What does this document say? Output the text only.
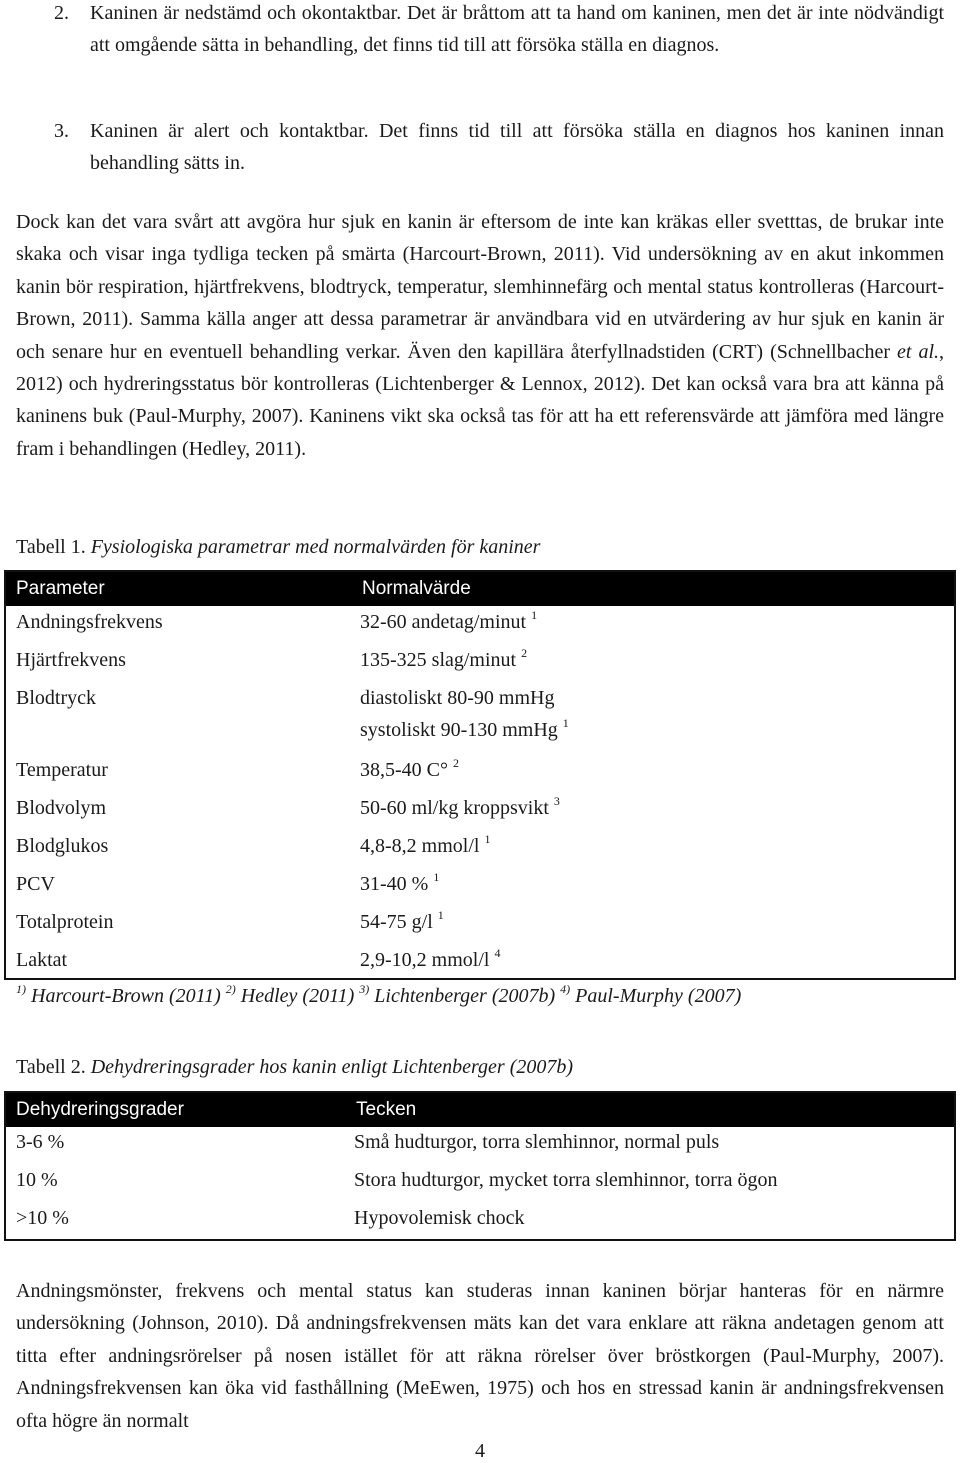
2. Kaninen är nedstämd och okontaktbar. Det är bråttom att ta hand om kaninen, men det är inte nödvändigt att omgående sätta in behandling, det finns tid till att försöka ställa en diagnos.
3. Kaninen är alert och kontaktbar. Det finns tid till att försöka ställa en diagnos hos kaninen innan behandling sätts in.
Dock kan det vara svårt att avgöra hur sjuk en kanin är eftersom de inte kan kräkas eller svetttas, de brukar inte skaka och visar inga tydliga tecken på smärta (Harcourt-Brown, 2011). Vid undersökning av en akut inkommen kanin bör respiration, hjärtfrekvens, blodtryck, temperatur, slemhinnefärg och mental status kontrolleras (Harcourt-Brown, 2011). Samma källa anger att dessa parametrar är användbara vid en utvärdering av hur sjuk en kanin är och senare hur en eventuell behandling verkar. Även den kapillära återfyllnadstiden (CRT) (Schnellbacher et al., 2012) och hydreringsstatus bör kontrolleras (Lichtenberger & Lennox, 2012). Det kan också vara bra att känna på kaninens buk (Paul-Murphy, 2007). Kaninens vikt ska också tas för att ha ett referensvärde att jämföra med längre fram i behandlingen (Hedley, 2011).
Tabell 1. Fysiologiska parametrar med normalvärden för kaniner
Parameter	Normalvärde
Andningsfrekvens	32-60 andetag/minut $^1$
Hjärtfrekvens	135-325 slag/minut $^2$
Blodtryck	diastoliskt 80-90 mmHg
systoliskt 90-130 mmHg $^1$
Temperatur	38,5-40 C° $^2$
Blodvolym	50-60 ml/kg kroppsvikt $^3$
Blodglukos	4,8-8,2 mmol/l $^1$
PCV	31-40 % $^1$
Totalprotein	54-75 g/l $^1$
Laktat	2,9-10,2 mmol/l $^4$
$^{1)}$ Harcourt-Brown (2011) $^{2)}$ Hedley (2011) $^{3)}$ Lichtenberger (2007b) $^{4)}$ Paul-Murphy (2007)
Tabell 2. Dehydreringsgrader hos kanin enligt Lichtenberger (2007b)
Dehydreringsgrader	Tecken
3-6 %	Små hudturgor, torra slemhinnor, normal puls
10 %	Stora hudturgor, mycket torra slemhinnor, torra ögon
>10 %	Hypovolemisk chock
Andningsmönster, frekvens och mental status kan studeras innan kaninen börjar hanteras för en närmre undersökning (Johnson, 2010). Då andningsfrekvensen mäts kan det vara enklare att räkna andetagen genom att titta efter andningsrörelser på nosen istället för att räkna rörelser över bröstkorgen (Paul-Murphy, 2007). Andningsfrekvensen kan öka vid fasthållning (MeEwen, 1975) och hos en stressad kanin är andningsfrekvensen ofta högre än normalt
4
